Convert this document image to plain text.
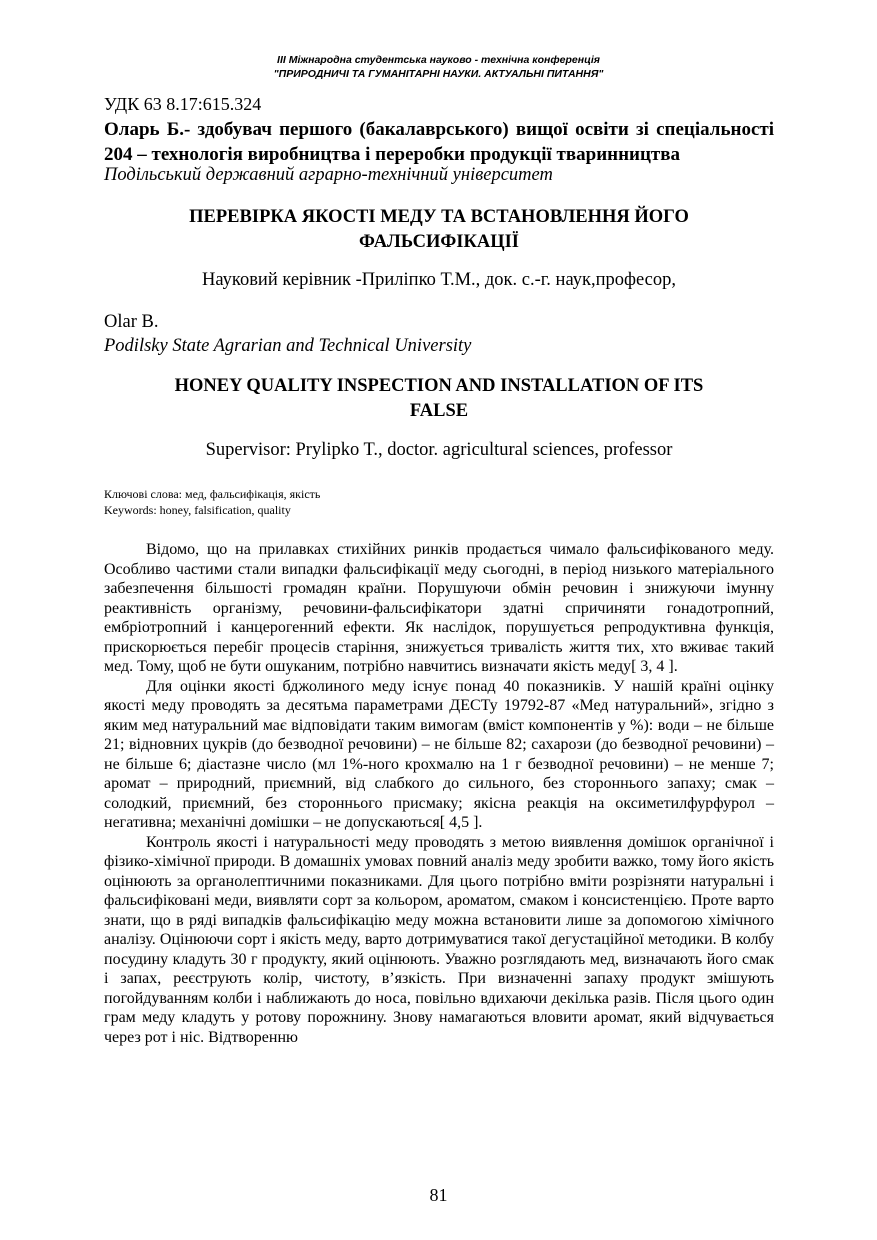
ІІІ Міжнародна студентська науково - технічна конференція
"ПРИРОДНИЧІ ТА ГУМАНІТАРНІ НАУКИ. АКТУАЛЬНІ ПИТАННЯ"
УДК 63 8.17:615.324
Оларь Б.- здобувач першого (бакалаврського) вищої освіти зі спеціальності 204 – технологія виробництва і переробки продукції тваринництва
Подільський державний аграрно-технічний університет
ПЕРЕВІРКА ЯКОСТІ МЕДУ ТА ВСТАНОВЛЕННЯ ЙОГО
ФАЛЬСИФІКАЦІЇ
Науковий керівник -Приліпко Т.М., док. с.-г. наук,професор,
Olar B.
Podilsky State Agrarian and Technical University
HONEY QUALITY INSPECTION AND INSTALLATION OF ITS
FALSE
Supervisor: Prylipko T., doctor. agricultural sciences, professor
Ключові слова: мед, фальсифікація, якість
Keywords: honey, falsification, quality

Відомо, що на прилавках стихійних ринків продається чимало фальсифікованого меду. Особливо частими стали випадки фальсифікації меду сьогодні, в період низького матеріального забезпечення більшості громадян країни. Порушуючи обмін речовин і знижуючи імунну реактивність організму, речовини-фальсифікатори здатні спричиняти гонадотропний, ембріотропний і канцерогенний ефекти. Як наслідок, порушується репродуктивна функція, прискорюється перебіг процесів старіння, знижується тривалість життя тих, хто вживає такий мед. Тому, щоб не бути ошуканим, потрібно навчитись визначати якість меду[ 3, 4 ].

Для оцінки якості бджолиного меду існує понад 40 показників. У нашій країні оцінку якості меду проводять за десятьма параметрами ДЕСТу 19792-87 «Мед натуральний», згідно з яким мед натуральний має відповідати таким вимогам (вміст компонентів у %): води – не більше 21; відновних цукрів (до безводної речовини) – не більше 82; сахарози (до безводної речовини) – не більше 6; діастазне число (мл 1%-ного крохмалю на 1 г безводної речовини) – не менше 7; аромат – природний, приємний, від слабкого до сильного, без стороннього запаху; смак – солодкий, приємний, без стороннього присмаку; якісна реакція на оксиметилфурфурол – негативна; механічні домішки – не допускаються[ 4,5 ].

Контроль якості і натуральності меду проводять з метою виявлення домішок органічної і фізико-хімічної природи. В домашніх умовах повний аналіз меду зробити важко, тому його якість оцінюють за органолептичними показниками. Для цього потрібно вміти розрізняти натуральні і фальсифіковані меди, виявляти сорт за кольором, ароматом, смаком і консистенцією. Проте варто знати, що в ряді випадків фальсифікацію меду можна встановити лише за допомогою хімічного аналізу. Оцінюючи сорт і якість меду, варто дотримуватися такої дегустаційної методики. В колбу посудину кладуть 30 г продукту, який оцінюють. Уважно розглядають мед, визначають його смак і запах, реєструють колір, чистоту, в’язкість. При визначенні запаху продукт змішують погойдуванням колби і наближають до носа, повільно вдихаючи декілька разів. Після цього один грам меду кладуть у ротову порожнину. Знову намагаються вловити аромат, який відчувається через рот і ніс. Відтворенню

81
